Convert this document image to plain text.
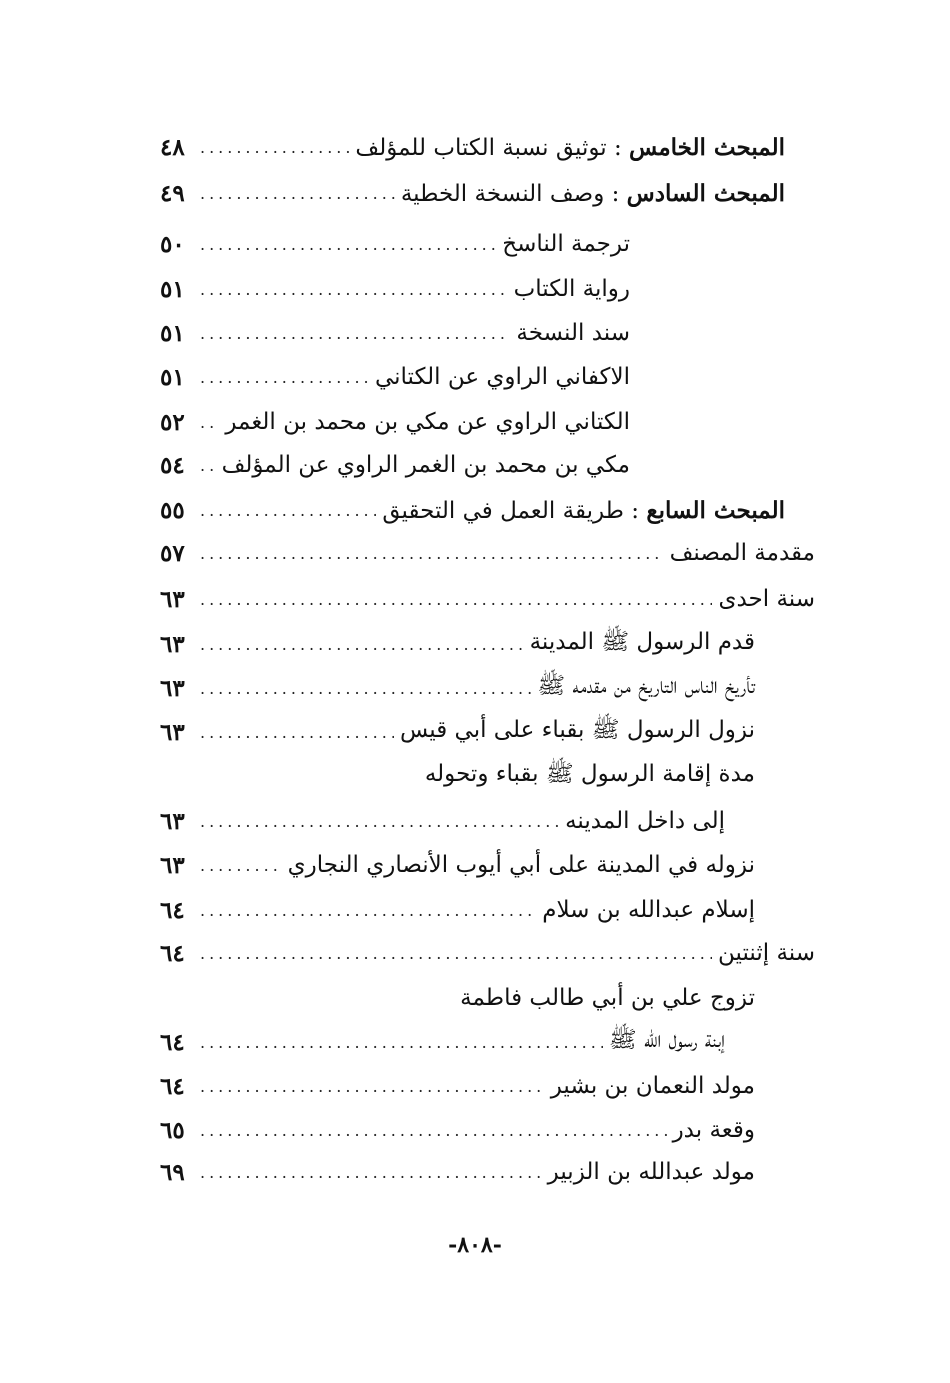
المبحث الخامس : توثيق نسبة الكتاب للمؤلف
.....
٤٨
المبحث السادس : وصف النسخة الخطية
.....
٤٩
ترجمة الناسخ
.....
٥٠
رواية الكتاب
.....
٥١
سند النسخة
.....
٥١
الاكفاني الراوي عن الكتاني
.....
٥١
الكتاني الراوي عن مكي بن محمد بن الغمر
.....
٥٢
مكي بن محمد بن الغمر الراوي عن المؤلف
.....
٥٤
المبحث السابع : طريقة العمل في التحقيق
.....
٥٥
مقدمة المصنف
.....
٥٧
سنة احدى
.....
٦٣
قدم الرسول ﷺ المدينة
.....
٦٣
تأريخ الناس التاريخ من مقدمه ﷺ
.....
٦٣
نزول الرسول ﷺ بقباء على أبي قيس
.....
٦٣
مدة إقامة الرسول ﷺ بقباء وتحوله
إلى داخل المدينه
.....
٦٣
نزوله في المدينة على أبي أيوب الأنصاري النجاري
.....
٦٣
إسلام عبدالله بن سلام
.....
٦٤
سنة إثنتين
.....
٦٤
تزوج علي بن أبي طالب فاطمة
إبنة رسول الله ﷺ
.....
٦٤
مولد النعمان بن بشير
.....
٦٤
وقعة بدر
.....
٦٥
مولد عبدالله بن الزبير
.....
٦٩
-٨٠٨-
